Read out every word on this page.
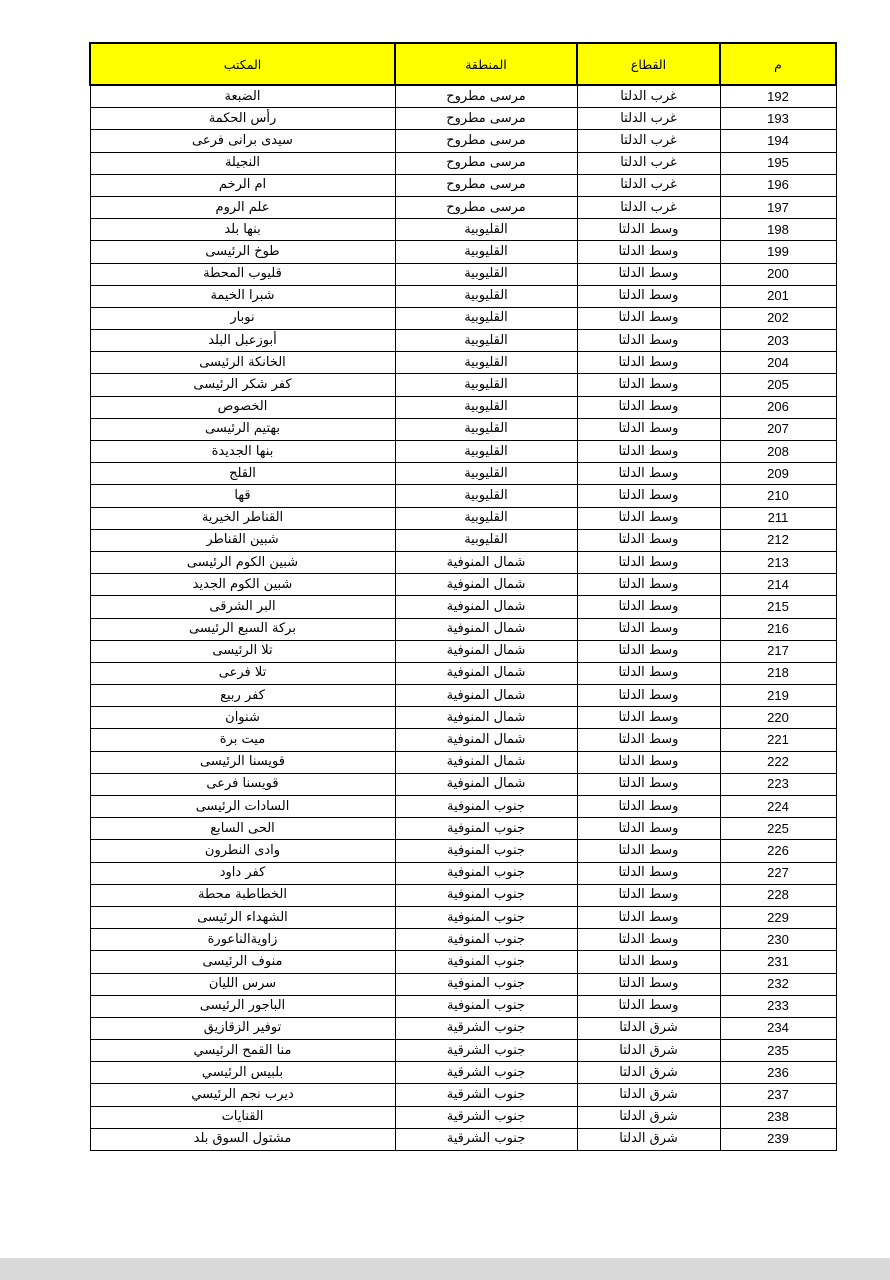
المكتب	المنطقة	القطاع	م
الضبعة	مرسى مطروح	غرب الدلتا	192
رأس الحكمة	مرسى مطروح	غرب الدلتا	193
سيدى برانى فرعى	مرسى مطروح	غرب الدلتا	194
النجيلة	مرسى مطروح	غرب الدلتا	195
ام الرخم	مرسى مطروح	غرب الدلتا	196
علم الروم	مرسى مطروح	غرب الدلتا	197
بنها بلد	القليوبية	وسط الدلتا	198
طوخ الرئيسى	القليوبية	وسط الدلتا	199
قليوب المحطة	القليوبية	وسط الدلتا	200
شبرا الخيمة	القليوبية	وسط الدلتا	201
نوبار	القليوبية	وسط الدلتا	202
أبوزعبل البلد	القليوبية	وسط الدلتا	203
الخانكة الرئيسى	القليوبية	وسط الدلتا	204
كفر شكر الرئيسى	القليوبية	وسط الدلتا	205
الخصوص	القليوبية	وسط الدلتا	206
بهتيم الرئيسى	القليوبية	وسط الدلتا	207
بنها الجديدة	القليوبية	وسط الدلتا	208
القلج	القليوبية	وسط الدلتا	209
قها	القليوبية	وسط الدلتا	210
القناطر الخيرية	القليوبية	وسط الدلتا	211
شبين القناطر	القليوبية	وسط الدلتا	212
شبين الكوم الرئيسى	شمال المنوفية	وسط الدلتا	213
شبين الكوم الجديد	شمال المنوفية	وسط الدلتا	214
البر الشرقى	شمال المنوفية	وسط الدلتا	215
بركة السبع الرئيسى	شمال المنوفية	وسط الدلتا	216
تلا الرئيسى	شمال المنوفية	وسط الدلتا	217
تلا فرعى	شمال المنوفية	وسط الدلتا	218
كفر ربيع	شمال المنوفية	وسط الدلتا	219
شنوان	شمال المنوفية	وسط الدلتا	220
ميت برة	شمال المنوفية	وسط الدلتا	221
قويسنا الرئيسى	شمال المنوفية	وسط الدلتا	222
قويسنا فرعى	شمال المنوفية	وسط الدلتا	223
السادات الرئيسى	جنوب المنوفية	وسط الدلتا	224
الحى السابع	جنوب المنوفية	وسط الدلتا	225
وادى النطرون	جنوب المنوفية	وسط الدلتا	226
كفر داود	جنوب المنوفية	وسط الدلتا	227
الخطاطبة محطة	جنوب المنوفية	وسط الدلتا	228
الشهداء الرئيسى	جنوب المنوفية	وسط الدلتا	229
زاويةالناعورة	جنوب المنوفية	وسط الدلتا	230
منوف الرئيسى	جنوب المنوفية	وسط الدلتا	231
سرس الليان	جنوب المنوفية	وسط الدلتا	232
الباجور الرئيسى	جنوب المنوفية	وسط الدلتا	233
توفير الزقازيق	جنوب الشرقية	شرق الدلتا	234
منا القمح الرئيسي	جنوب الشرقية	شرق الدلتا	235
بلبيس الرئيسي	جنوب الشرقية	شرق الدلتا	236
ديرب نجم الرئيسي	جنوب الشرقية	شرق الدلتا	237
القنايات	جنوب الشرقية	شرق الدلتا	238
مشتول السوق بلد	جنوب الشرقية	شرق الدلتا	239
